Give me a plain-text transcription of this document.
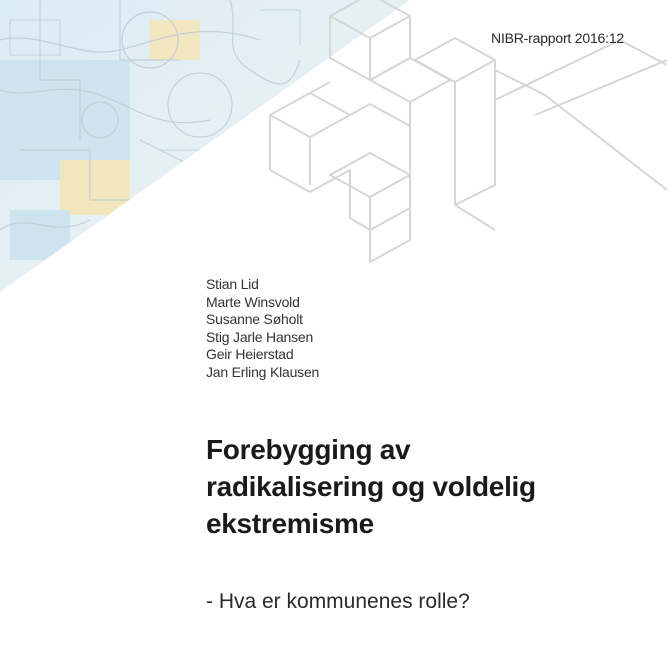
NIBR-rapport 2016:12
Stian Lid
Marte Winsvold
Susanne Søholt
Stig Jarle Hansen
Geir Heierstad
Jan Erling Klausen
Forebygging av
radikalisering og voldelig
ekstremisme
- Hva er kommunenes rolle?
